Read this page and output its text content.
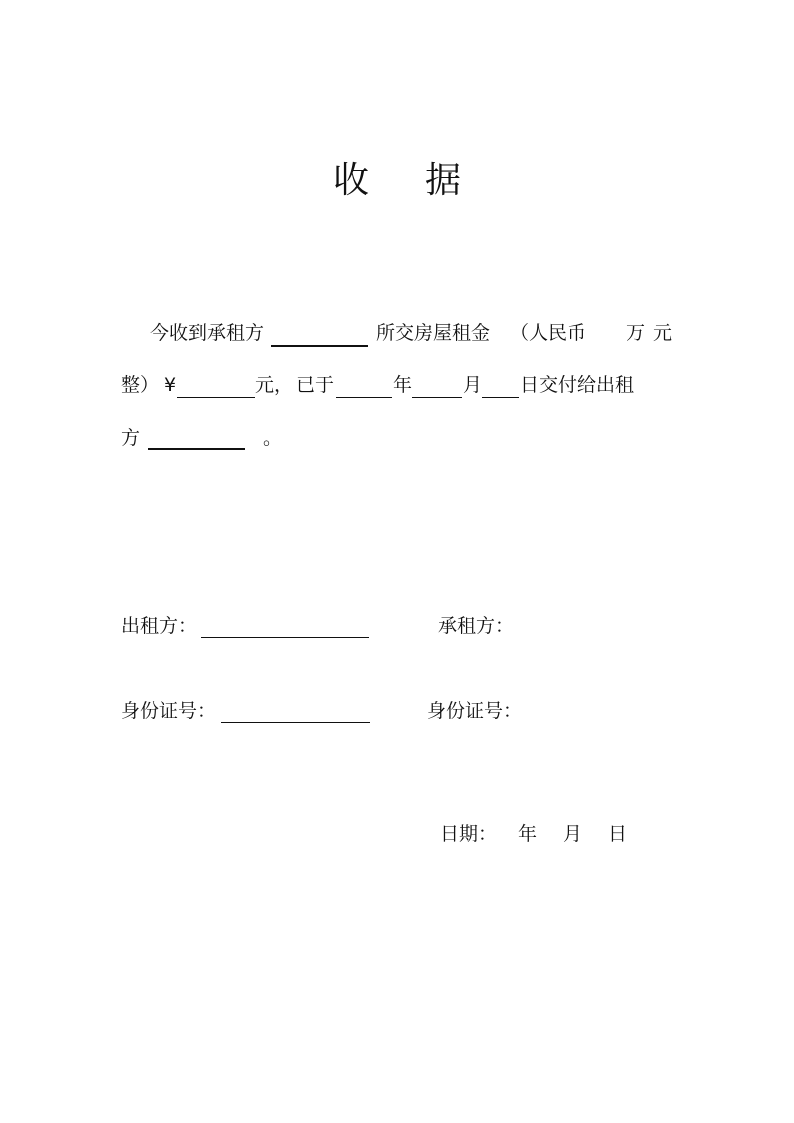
收 据
今收到承租方	所交房屋租金 （人民币 万 元
整） ¥	元， 已于	年	月 日交付给出租
方	。
出租方：	承租方：
身份证号：	身份证号：
日期： 年 月 日
